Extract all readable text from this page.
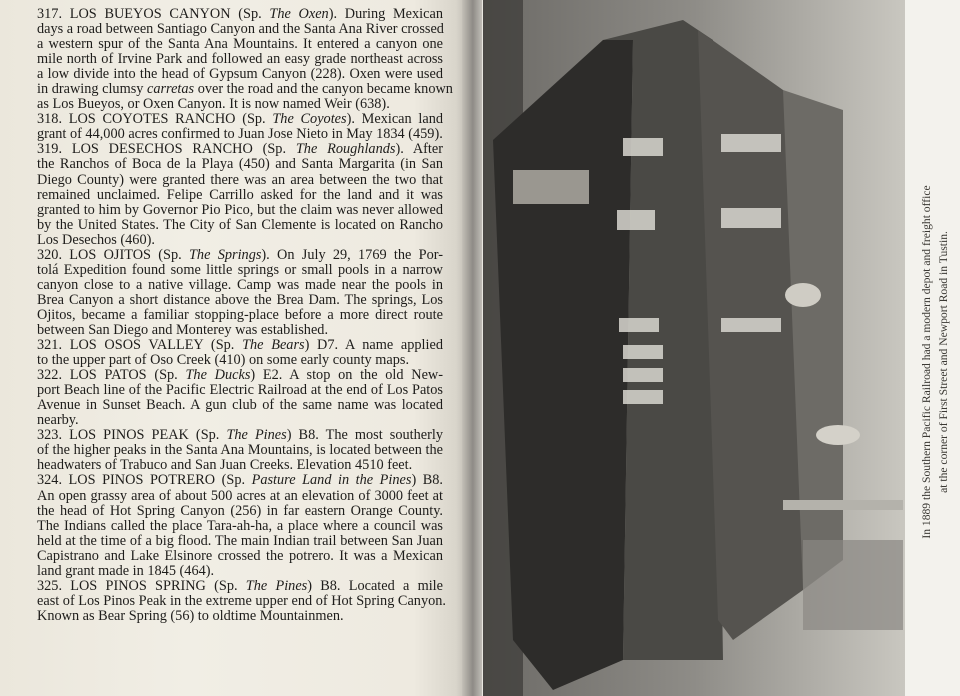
317. LOS BUEYOS CANYON (Sp. The Oxen). During Mexican
days a road between Santiago Canyon and the Santa Ana River crossed
a western spur of the Santa Ana Mountains. It entered a canyon one
mile north of Irvine Park and followed an easy grade northeast across
a low divide into the head of Gypsum Canyon (228). Oxen were used
in drawing clumsy carretas over the road and the canyon became known
as Los Bueyos, or Oxen Canyon. It is now named Weir (638).
318. LOS COYOTES RANCHO (Sp. The Coyotes). Mexican land
grant of 44,000 acres confirmed to Juan Jose Nieto in May 1834 (459).
319. LOS DESECHOS RANCHO (Sp. The Roughlands). After
the Ranchos of Boca de la Playa (450) and Santa Margarita (in San
Diego County) were granted there was an area between the two that
remained unclaimed. Felipe Carrillo asked for the land and it was
granted to him by Governor Pio Pico, but the claim was never allowed
by the United States. The City of San Clemente is located on Rancho
Los Desechos (460).
320. LOS OJITOS (Sp. The Springs). On July 29, 1769 the Por-
tolá Expedition found some little springs or small pools in a narrow
canyon close to a native village. Camp was made near the pools in
Brea Canyon a short distance above the Brea Dam. The springs, Los
Ojitos, became a familiar stopping-place before a more direct route
between San Diego and Monterey was established.
321. LOS OSOS VALLEY (Sp. The Bears) D7. A name applied
to the upper part of Oso Creek (410) on some early county maps.
322. LOS PATOS (Sp. The Ducks) E2. A stop on the old New-
port Beach line of the Pacific Electric Railroad at the end of Los Patos
Avenue in Sunset Beach. A gun club of the same name was located
nearby.
323. LOS PINOS PEAK (Sp. The Pines) B8. The most southerly
of the higher peaks in the Santa Ana Mountains, is located between the
headwaters of Trabuco and San Juan Creeks. Elevation 4510 feet.
324. LOS PINOS POTRERO (Sp. Pasture Land in the Pines) B8.
An open grassy area of about 500 acres at an elevation of 3000 feet at
the head of Hot Spring Canyon (256) in far eastern Orange County.
The Indians called the place Tara-ah-ha, a place where a council was
held at the time of a big flood. The main Indian trail between San Juan
Capistrano and Lake Elsinore crossed the potrero. It was a Mexican
land grant made in 1845 (464).
325. LOS PINOS SPRING (Sp. The Pines) B8. Located a mile
east of Los Pinos Peak in the extreme upper end of Hot Spring Canyon.
Known as Bear Spring (56) to oldtime Mountainmen.
In 1889 the Southern Pacific Railroad had a modern depot and freight office at the corner of First Street and Newport Road in Tustin.
